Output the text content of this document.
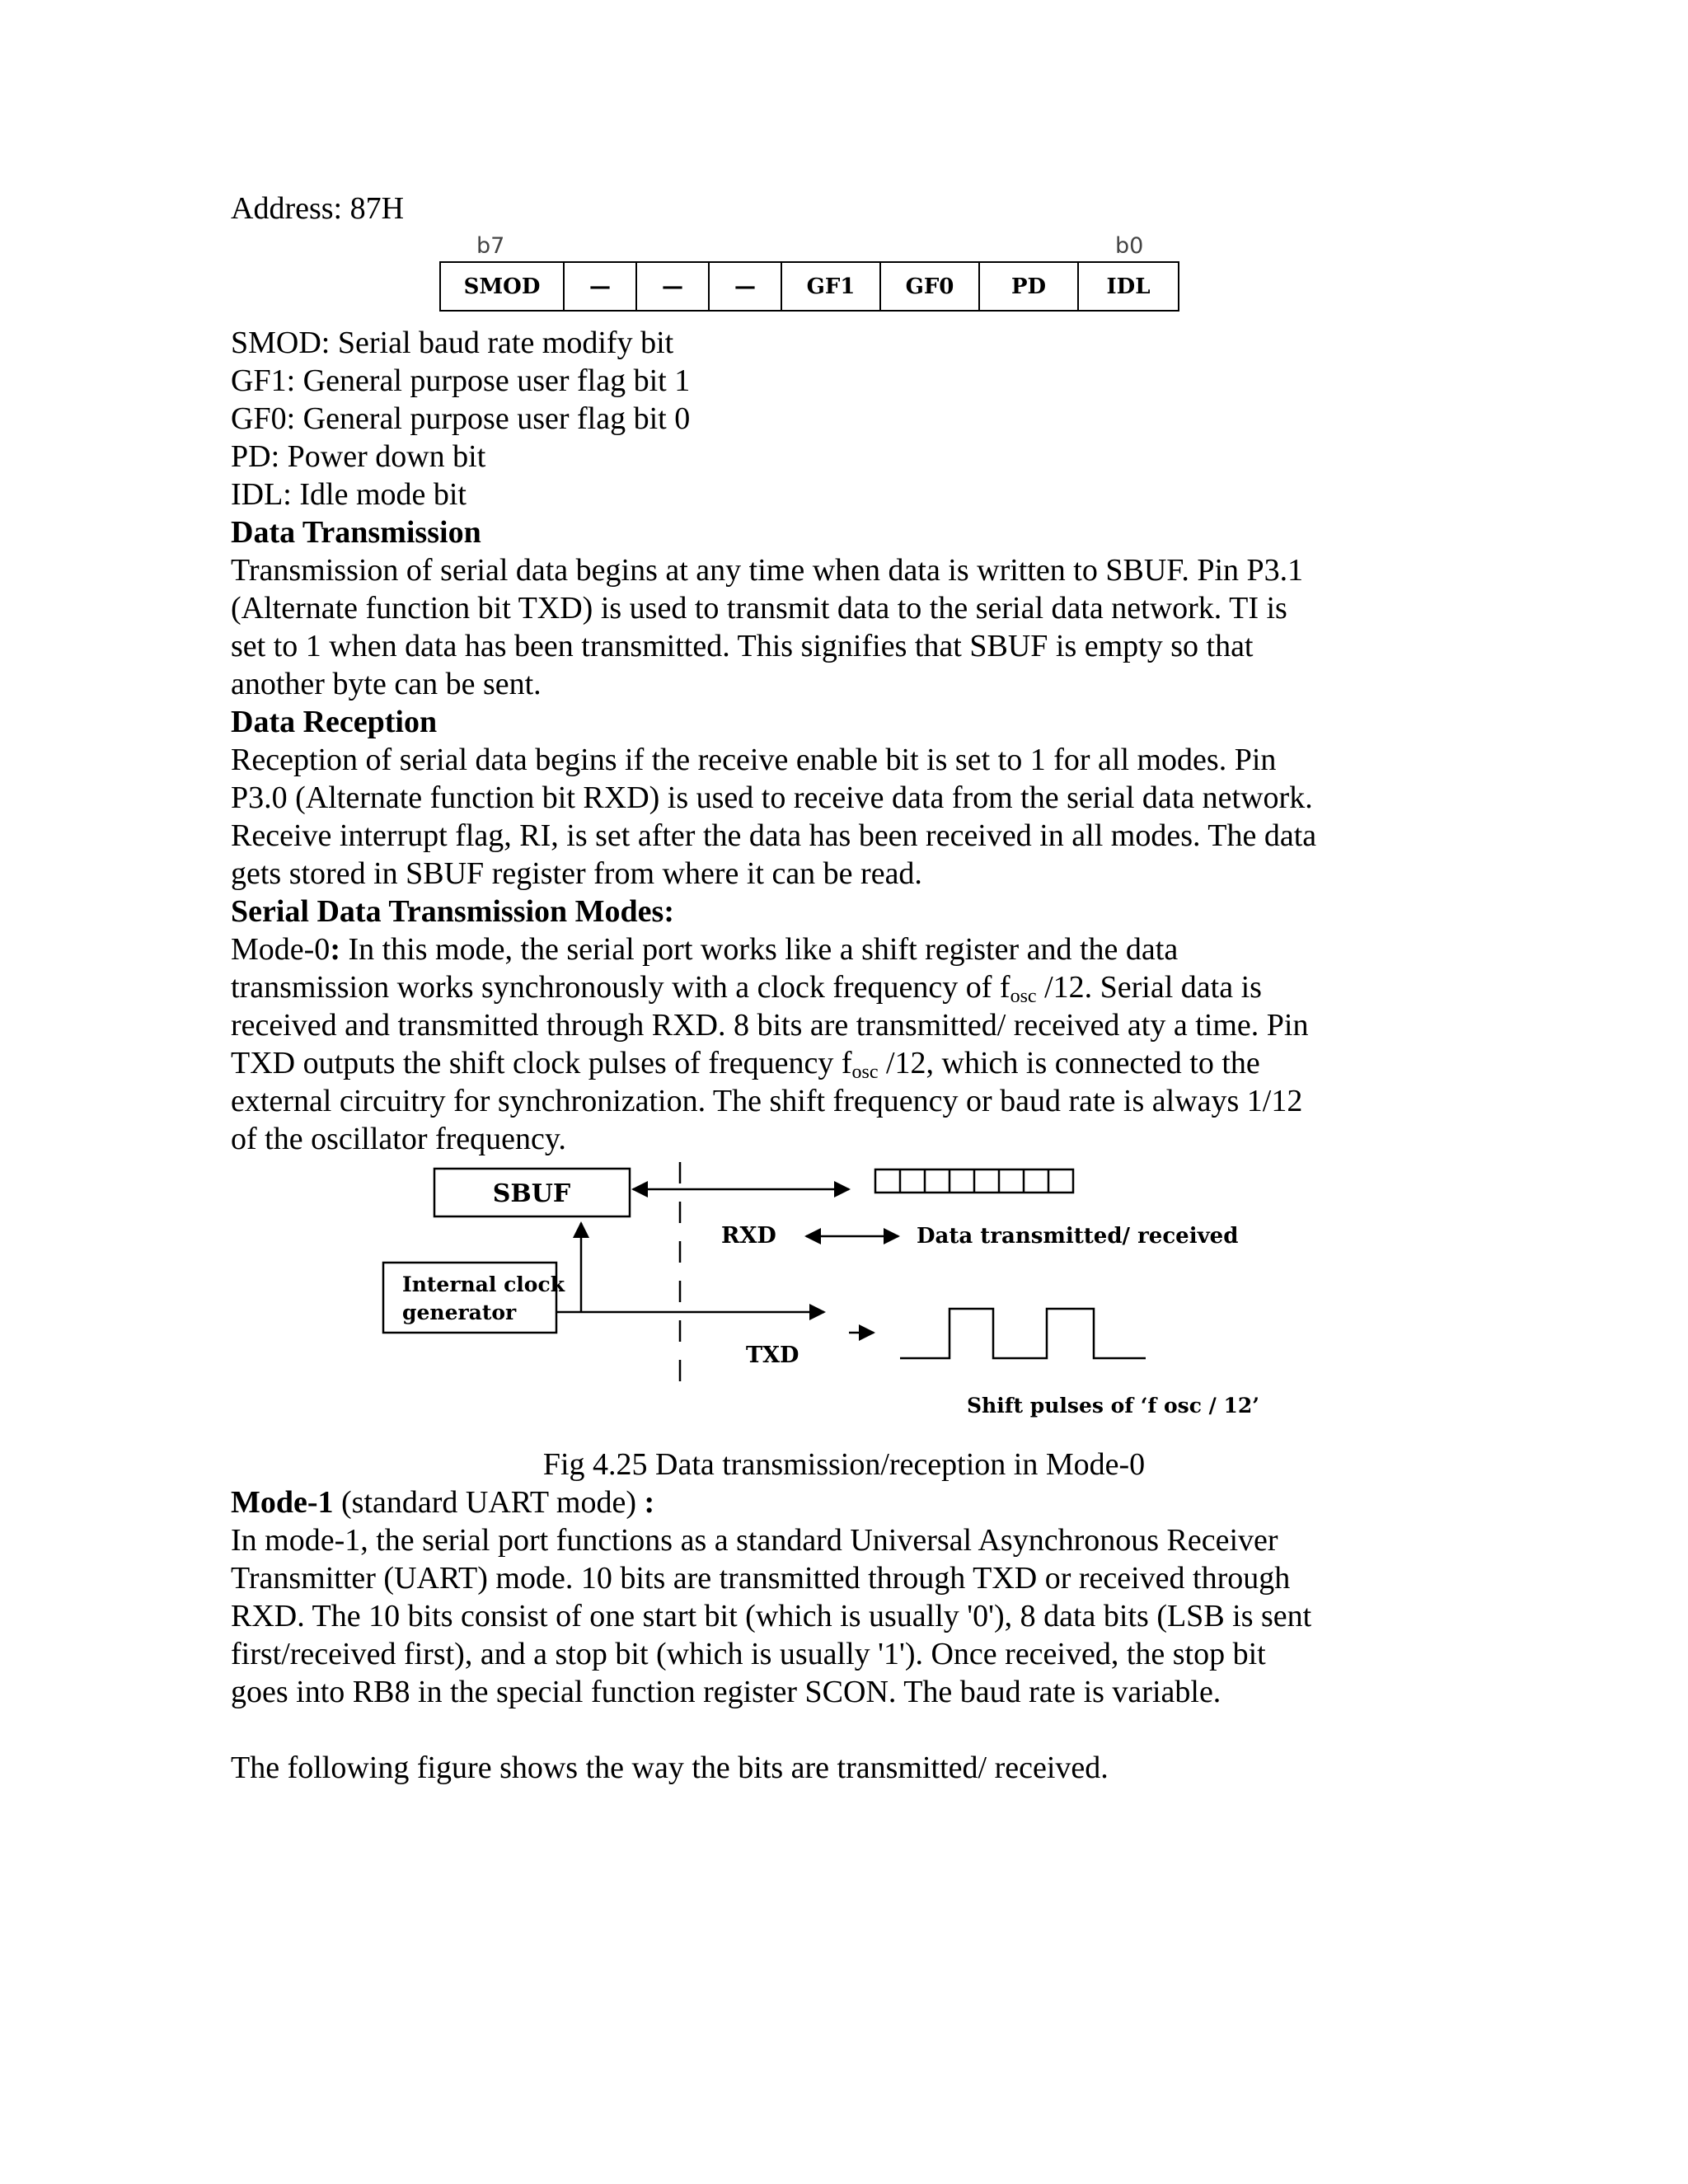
Address: 87H
b7	b0
SMOD	—	—	—	GF1	GF0	PD	IDL
SMOD: Serial baud rate modify bit
GF1: General purpose user flag bit 1
GF0: General purpose user flag bit 0
PD: Power down bit
IDL: Idle mode bit
Data Transmission
Transmission of serial data begins at any time when data is written to SBUF. Pin P3.1
(Alternate function bit TXD) is used to transmit data to the serial data network. TI is
set to 1 when data has been transmitted. This signifies that SBUF is empty so that
another byte can be sent.
Data Reception
Reception of serial data begins if the receive enable bit is set to 1 for all modes. Pin
P3.0 (Alternate function bit RXD) is used to receive data from the serial data network.
Receive interrupt flag, RI, is set after the data has been received in all modes. The data
gets stored in SBUF register from where it can be read.
Serial Data Transmission Modes:
Mode-0: In this mode, the serial port works like a shift register and the data
transmission works synchronously with a clock frequency of $f_{osc}$ /12. Serial data is
received and transmitted through RXD. 8 bits are transmitted/ received aty a time. Pin
TXD outputs the shift clock pulses of frequency $f_{osc}$ /12, which is connected to the
external circuitry for synchronization. The shift frequency or baud rate is always 1/12
of the oscillator frequency.
SBUF
Internal clock
generator
RXD	Data transmitted/ received
TXD
Shift pulses of ‘f osc / 12’
Fig 4.25 Data transmission/reception in Mode-0
Mode-1 (standard UART mode) :
In mode-1, the serial port functions as a standard Universal Asynchronous Receiver
Transmitter (UART) mode. 10 bits are transmitted through TXD or received through
RXD. The 10 bits consist of one start bit (which is usually '0'), 8 data bits (LSB is sent
first/received first), and a stop bit (which is usually '1'). Once received, the stop bit
goes into RB8 in the special function register SCON. The baud rate is variable.
The following figure shows the way the bits are transmitted/ received.
